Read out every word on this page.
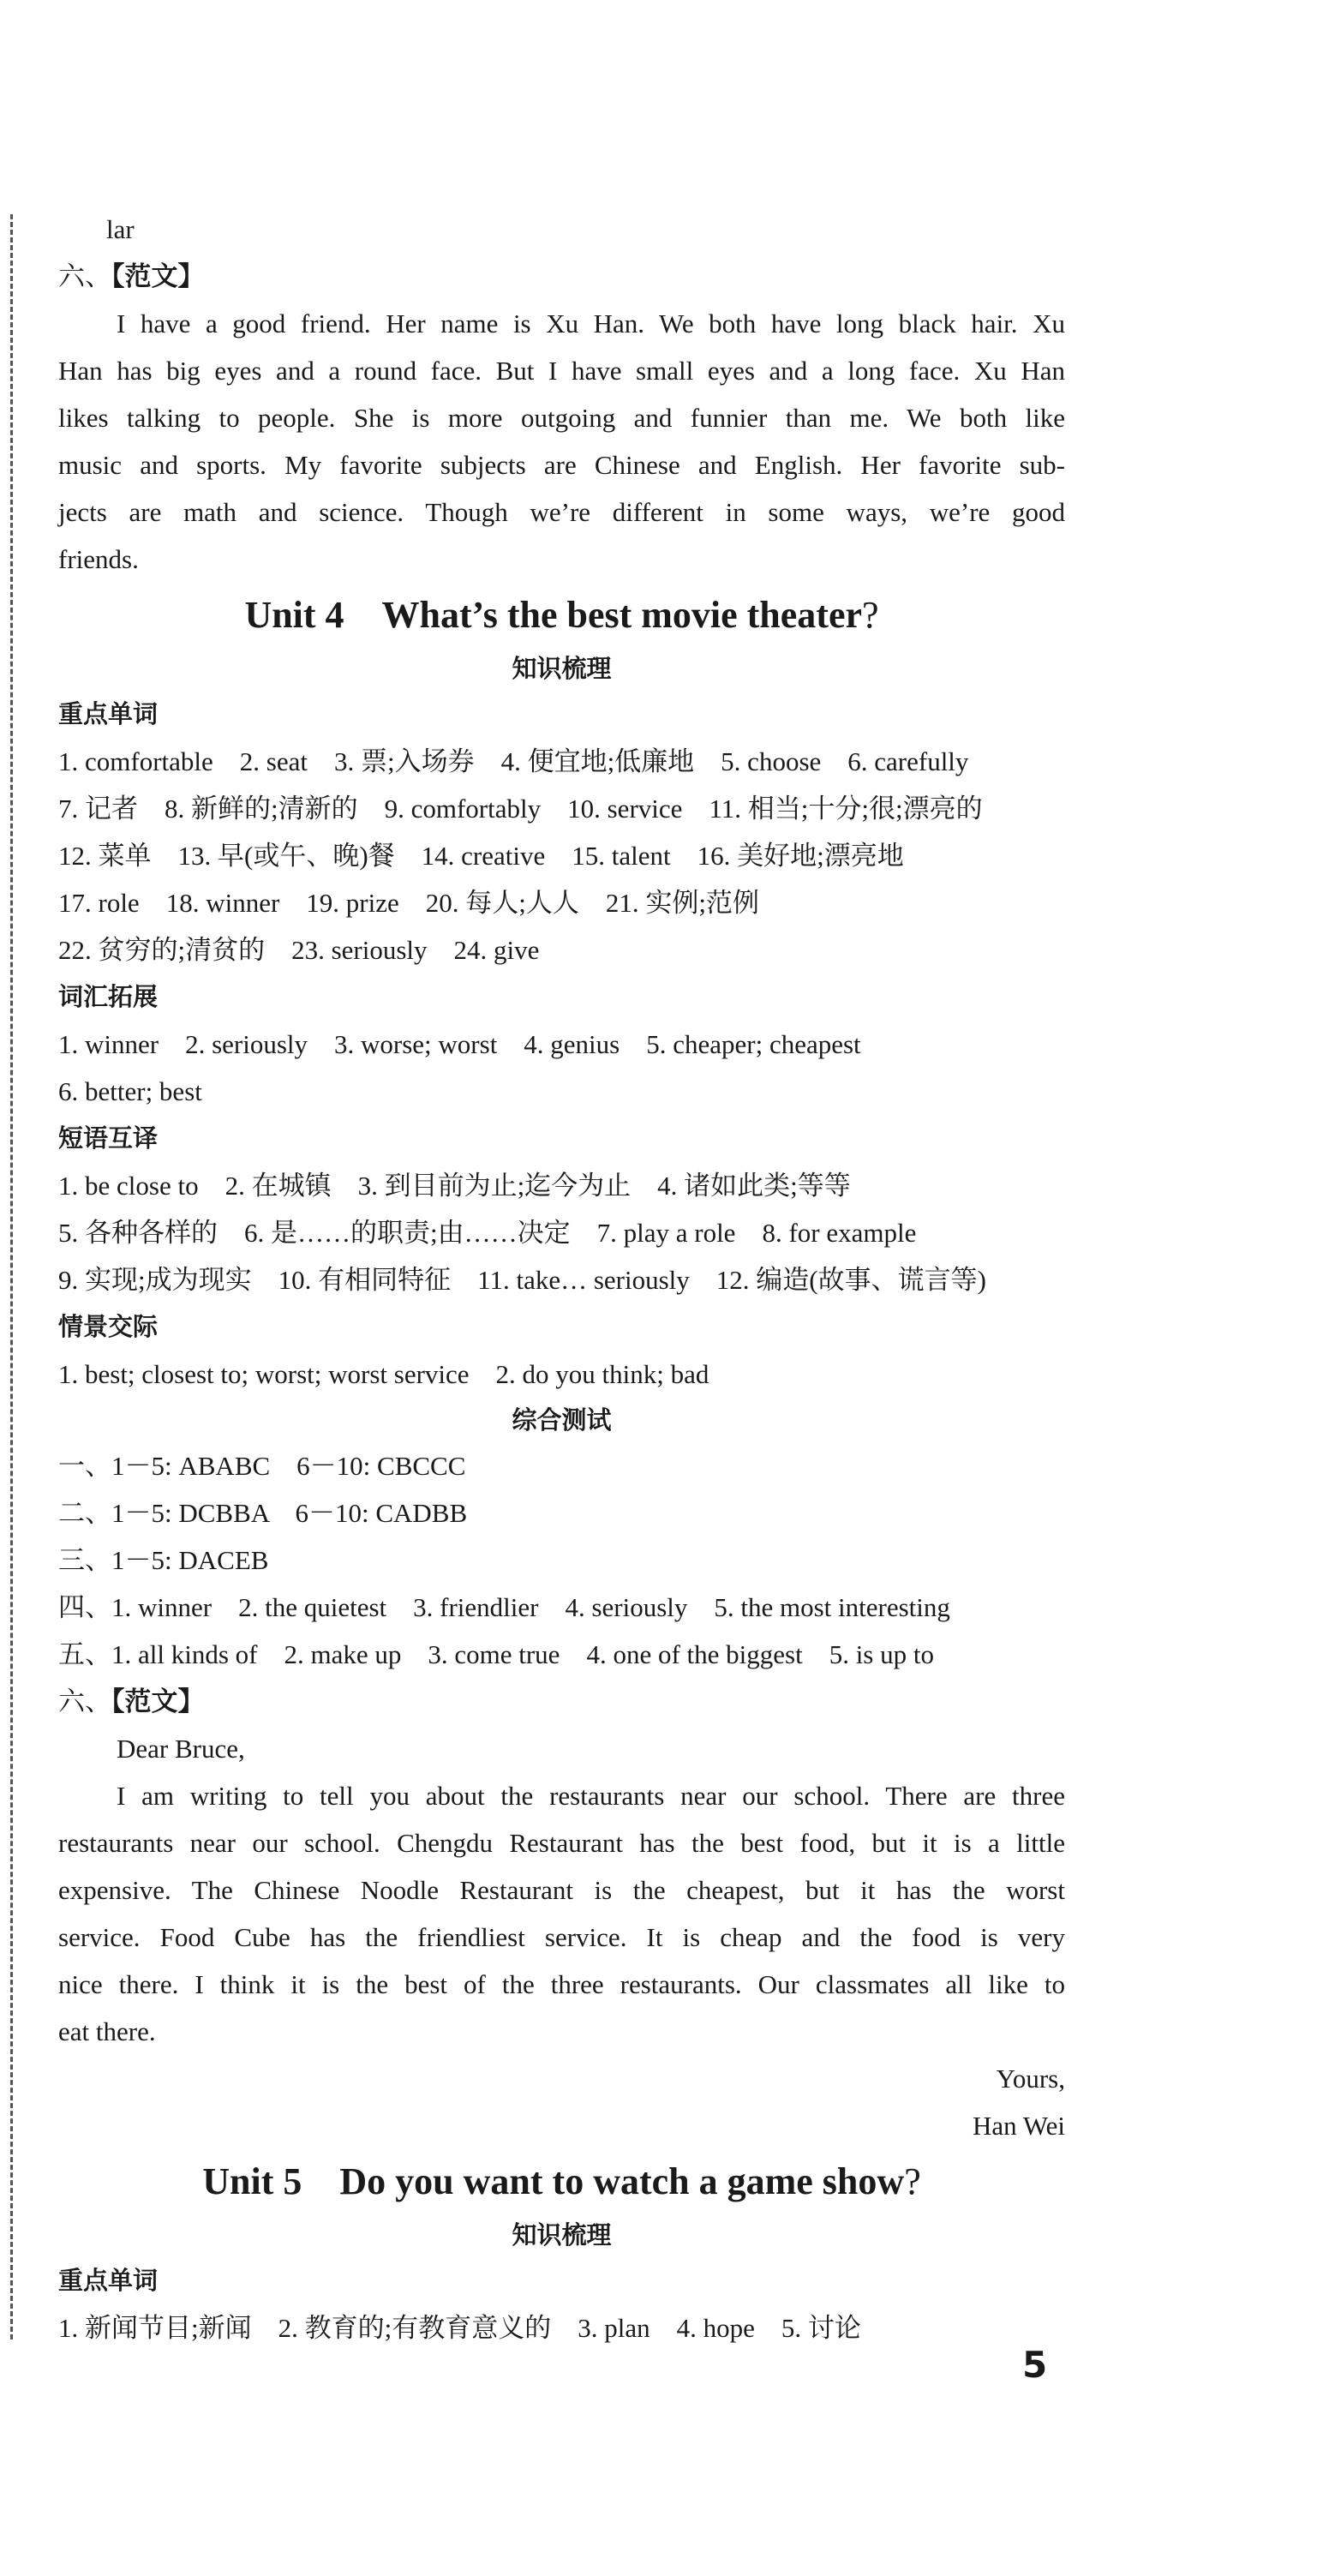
lar
六、【范文】
I have a good friend. Her name is Xu Han. We both have long black hair. Xu
Han has big eyes and a round face. But I have small eyes and a long face. Xu Han
likes talking to people. She is more outgoing and funnier than me. We both like
music and sports. My favorite subjects are Chinese and English. Her favorite sub-
jects are math and science. Though we’re different in some ways, we’re good
friends.
Unit 4　What’s the best movie theater?
知识梳理
重点单词
1. comfortable　2. seat　3. 票;入场券　4. 便宜地;低廉地　5. choose　6. carefully
7. 记者　8. 新鲜的;清新的　9. comfortably　10. service　11. 相当;十分;很;漂亮的
12. 菜单　13. 早(或午、晚)餐　14. creative　15. talent　16. 美好地;漂亮地
17. role　18. winner　19. prize　20. 每人;人人　21. 实例;范例
22. 贫穷的;清贫的　23. seriously　24. give
词汇拓展
1. winner　2. seriously　3. worse; worst　4. genius　5. cheaper; cheapest
6. better; best
短语互译
1. be close to　2. 在城镇　3. 到目前为止;迄今为止　4. 诸如此类;等等
5. 各种各样的　6. 是……的职责;由……决定　7. play a role　8. for example
9. 实现;成为现实　10. 有相同特征　11. take… seriously　12. 编造(故事、谎言等)
情景交际
1. best; closest to; worst; worst service　2. do you think; bad
综合测试
一、1－5: ABABC　6－10: CBCCC
二、1－5: DCBBA　6－10: CADBB
三、1－5: DACEB
四、1. winner　2. the quietest　3. friendlier　4. seriously　5. the most interesting
五、1. all kinds of　2. make up　3. come true　4. one of the biggest　5. is up to
六、【范文】
Dear Bruce,
I am writing to tell you about the restaurants near our school. There are three
restaurants near our school. Chengdu Restaurant has the best food, but it is a little
expensive. The Chinese Noodle Restaurant is the cheapest, but it has the worst
service. Food Cube has the friendliest service. It is cheap and the food is very
nice there. I think it is the best of the three restaurants. Our classmates all like to
eat there.
Yours,
Han Wei
Unit 5　Do you want to watch a game show?
知识梳理
重点单词
1. 新闻节目;新闻　2. 教育的;有教育意义的　3. plan　4. hope　5. 讨论
5
